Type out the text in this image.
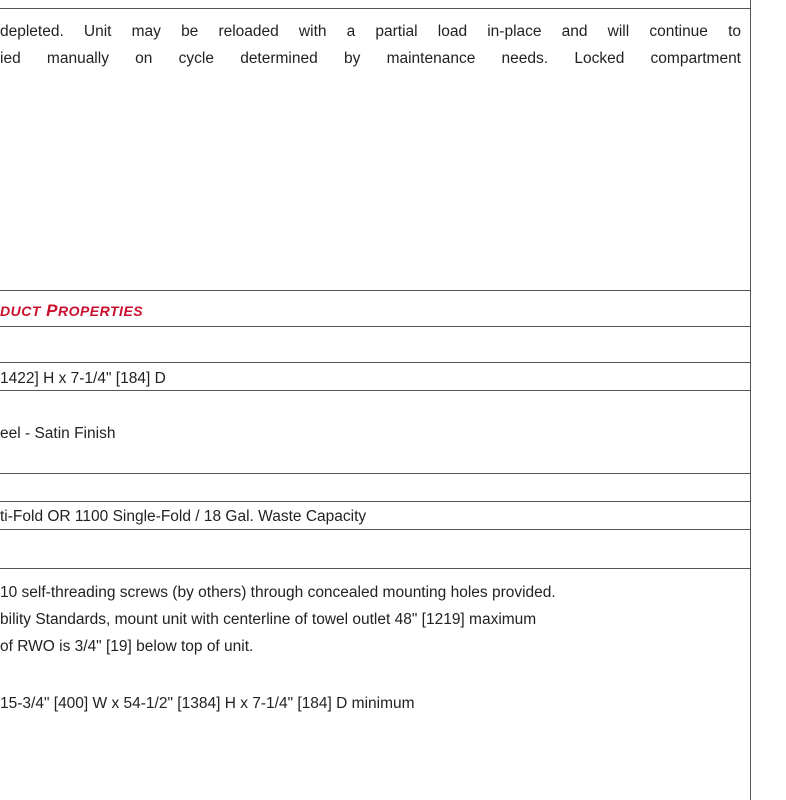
depleted. Unit may be reloaded with a partial load in-place and will continue to
ied manually on cycle determined by maintenance needs. Locked compartment
DUCT PROPERTIES
1422] H x 7-1/4" [184] D
eel - Satin Finish
ti-Fold OR 1100 Single-Fold / 18 Gal. Waste Capacity
10 self-threading screws (by others) through concealed mounting holes provided.
bility Standards, mount unit with centerline of towel outlet 48" [1219] maximum
of RWO is 3/4" [19] below top of unit.
15-3/4" [400] W x 54-1/2" [1384] H x 7-1/4" [184] D minimum
